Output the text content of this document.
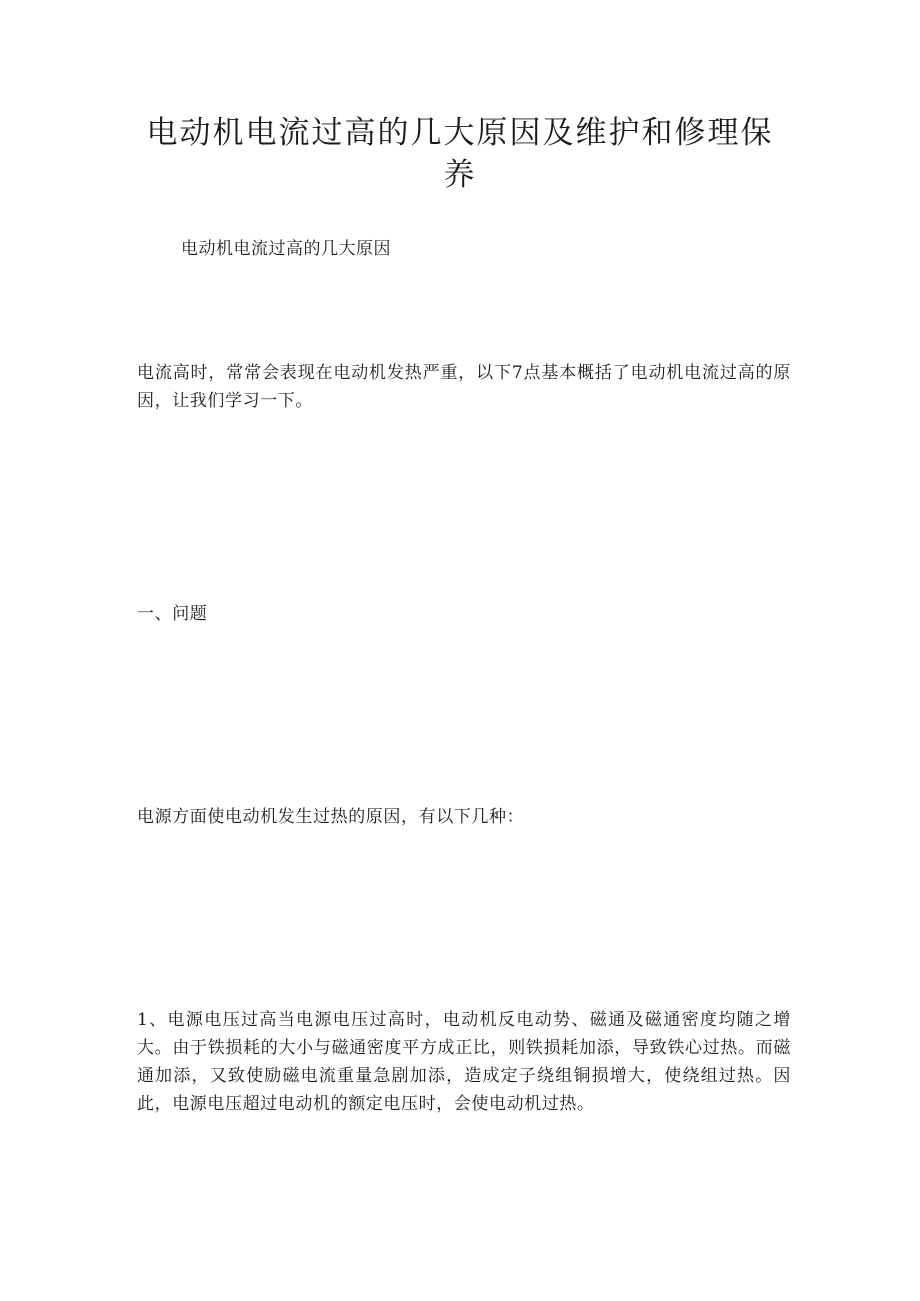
电动机电流过高的几大原因及维护和修理保养

电动机电流过高的几大原因

电流高时，常常会表现在电动机发热严重，以下7点基本概括了电动机电流过高的原因，让我们学习一下。

一、问题

电源方面使电动机发生过热的原因，有以下几种：

1、电源电压过高当电源电压过高时，电动机反电动势、磁通及磁通密度均随之增大。由于铁损耗的大小与磁通密度平方成正比，则铁损耗加添，导致铁心过热。而磁通加添，又致使励磁电流重量急剧加添，造成定子绕组铜损增大，使绕组过热。因此，电源电压超过电动机的额定电压时，会使电动机过热。
